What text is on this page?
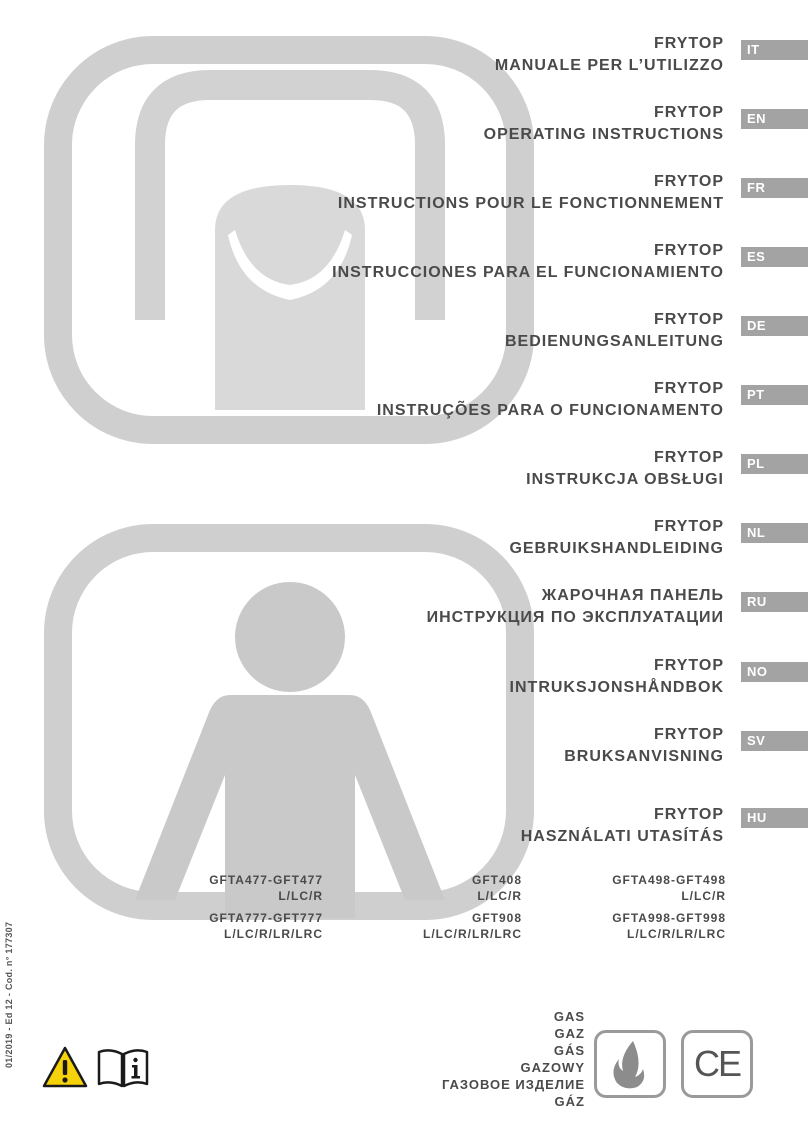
FRYTOP
MANUALE PER L’UTILIZZO
IT
FRYTOP
OPERATING INSTRUCTIONS
EN
FRYTOP
INSTRUCTIONS POUR LE FONCTIONNEMENT
FR
FRYTOP
INSTRUCCIONES PARA EL FUNCIONAMIENTO
ES
FRYTOP
BEDIENUNGSANLEITUNG
DE
FRYTOP
INSTRUÇÕES PARA O FUNCIONAMENTO
PT
FRYTOP
INSTRUKCJA OBSŁUGI
PL
FRYTOP
GEBRUIKSHANDLEIDING
NL
ЖАРОЧНАЯ ПАНЕЛЬ
ИНСТРУКЦИЯ ПО ЭКСПЛУАТАЦИИ
RU
FRYTOP
INTRUKSJONSHÅNDBOK
NO
FRYTOP
BRUKSANVISNING
SV
FRYTOP
HASZNÁLATI UTASÍTÁS
HU
GFTA477-GFT477
L/LC/R
GFTA777-GFT777
L/LC/R/LR/LRC
GFT408
L/LC/R
GFT908
L/LC/R/LR/LRC
GFTA498-GFT498
L/LC/R
GFTA998-GFT998
L/LC/R/LR/LRC
GAS
GAZ
GÁS
GAZOWY
ГАЗОВОЕ ИЗДЕЛИЕ
GÁZ
CE
01/2019 - Ed 12 - Cod. n° 177307
